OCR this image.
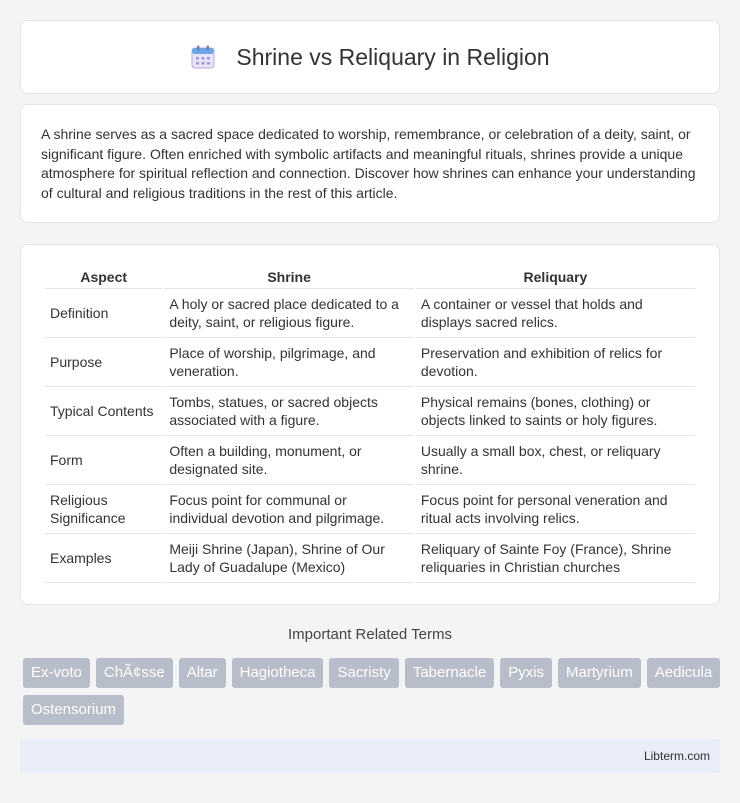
Shrine vs Reliquary in Religion

A shrine serves as a sacred space dedicated to worship, remembrance, or celebration of a deity, saint, or significant figure. Often enriched with symbolic artifacts and meaningful rituals, shrines provide a unique atmosphere for spiritual reflection and connection. Discover how shrines can enhance your understanding of cultural and religious traditions in the rest of this article.

Aspect	Shrine	Reliquary
Definition	A holy or sacred place dedicated to a deity, saint, or religious figure.	A container or vessel that holds and displays sacred relics.
Purpose	Place of worship, pilgrimage, and veneration.	Preservation and exhibition of relics for devotion.
Typical Contents	Tombs, statues, or sacred objects associated with a figure.	Physical remains (bones, clothing) or objects linked to saints or holy figures.
Form	Often a building, monument, or designated site.	Usually a small box, chest, or reliquary shrine.
Religious Significance	Focus point for communal or individual devotion and pilgrimage.	Focus point for personal veneration and ritual acts involving relics.
Examples	Meiji Shrine (Japan), Shrine of Our Lady of Guadalupe (Mexico)	Reliquary of Sainte Foy (France), Shrine reliquaries in Christian churches
Important Related Terms
Ex-voto	ChÃ¢sse	Altar	Hagiotheca	Sacristy	Tabernacle	Pyxis	Martyrium	Aedicula
Ostensorium
Libterm.com
